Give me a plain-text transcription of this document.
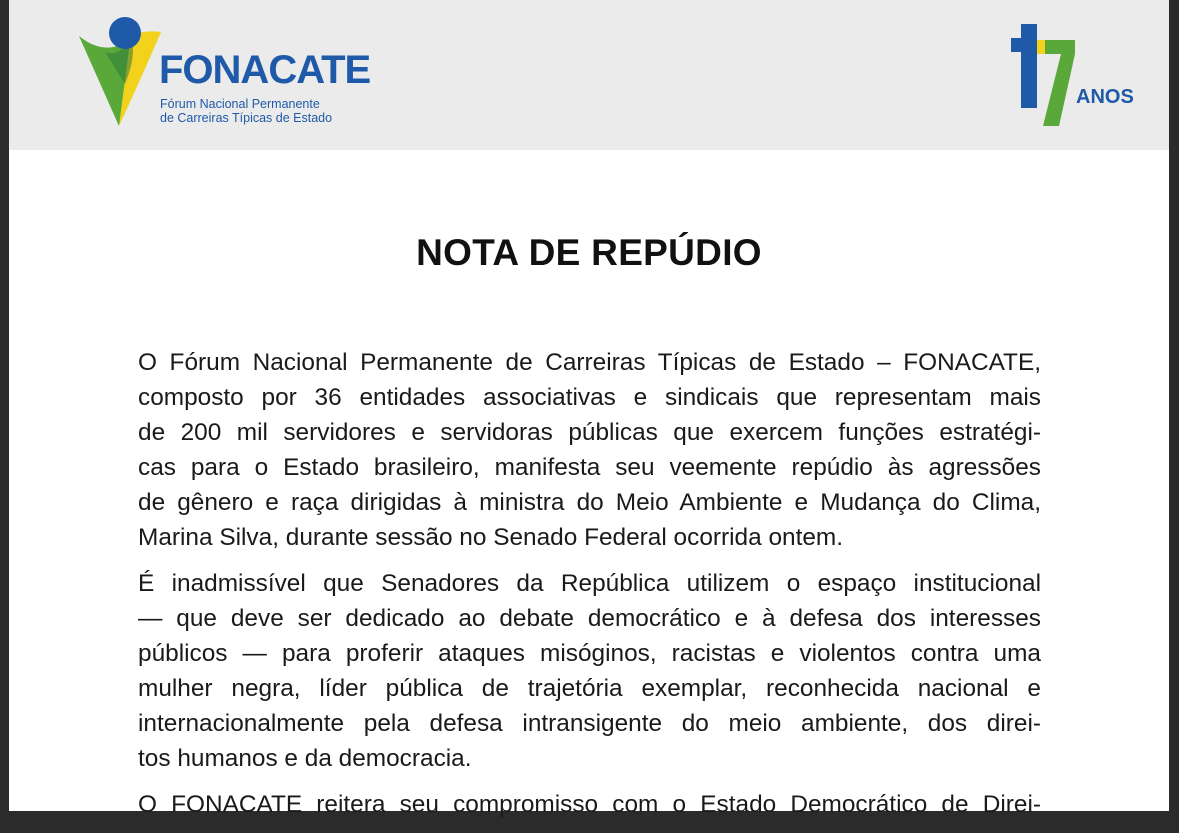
FONACATE
Fórum Nacional Permanente
de Carreiras Típicas de Estado
ANOS
NOTA DE REPÚDIO

O Fórum Nacional Permanente de Carreiras Típicas de Estado – FONACATE,
composto por 36 entidades associativas e sindicais que representam mais
de 200 mil servidores e servidoras públicas que exercem funções estratégi-
cas para o Estado brasileiro, manifesta seu veemente repúdio às agressões
de gênero e raça dirigidas à ministra do Meio Ambiente e Mudança do Clima,
Marina Silva, durante sessão no Senado Federal ocorrida ontem.

É inadmissível que Senadores da República utilizem o espaço institucional
— que deve ser dedicado ao debate democrático e à defesa dos interesses
públicos — para proferir ataques misóginos, racistas e violentos contra uma
mulher negra, líder pública de trajetória exemplar, reconhecida nacional e
internacionalmente pela defesa intransigente do meio ambiente, dos direi-
tos humanos e da democracia.

O FONACATE reitera seu compromisso com o Estado Democrático de Direi-
